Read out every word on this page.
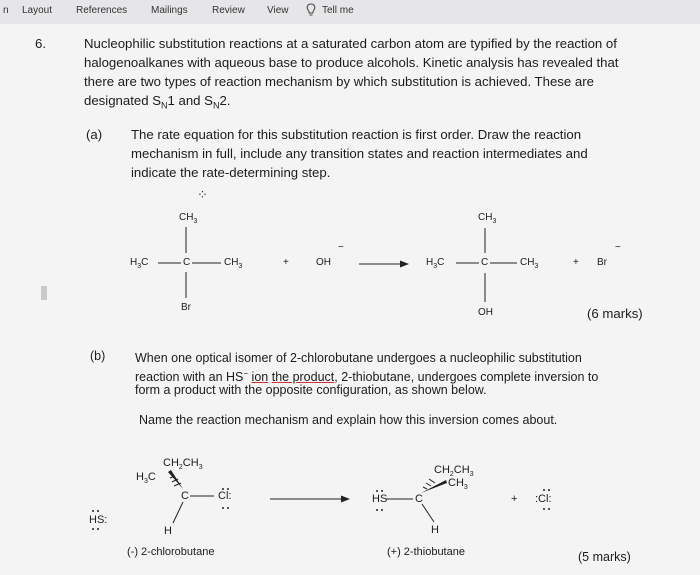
n Layout References Mailings Review View	Tell me
6.	Nucleophilic substitution reactions at a saturated carbon atom are typified by the reaction of
halogenoalkanes with aqueous base to produce alcohols. Kinetic analysis has revealed that
there are two types of reaction mechanism by which substitution is achieved. These are
designated $S_N1$ and $S_N2$.
(a) The rate equation for this substitution reaction is first order. Draw the reaction
mechanism in full, include any transition states and reaction intermediates and
indicate the rate-determining step.
⁘
$CH_3$
$H_3C$	C	$CH_3$
Br
+	OH
−
$CH_3$
$H_3C$	C	$CH_3$
OH
+ Br
−
(6 marks)
(b) When one optical isomer of 2-chlorobutane undergoes a nucleophilic substitution
reaction with an HS− ion the product, 2-thiobutane, undergoes complete inversion to
form a product with the opposite configuration, as shown below.
Name the reaction mechanism and explain how this inversion comes about.
$CH_2CH_3$
$H_3C$
C	Cl:
H
HS:
$CH_2CH_3$
$CH_3$
HS	C
H
+ :Cl:
(-) 2-chlorobutane	(+) 2-thiobutane	(5 marks)
